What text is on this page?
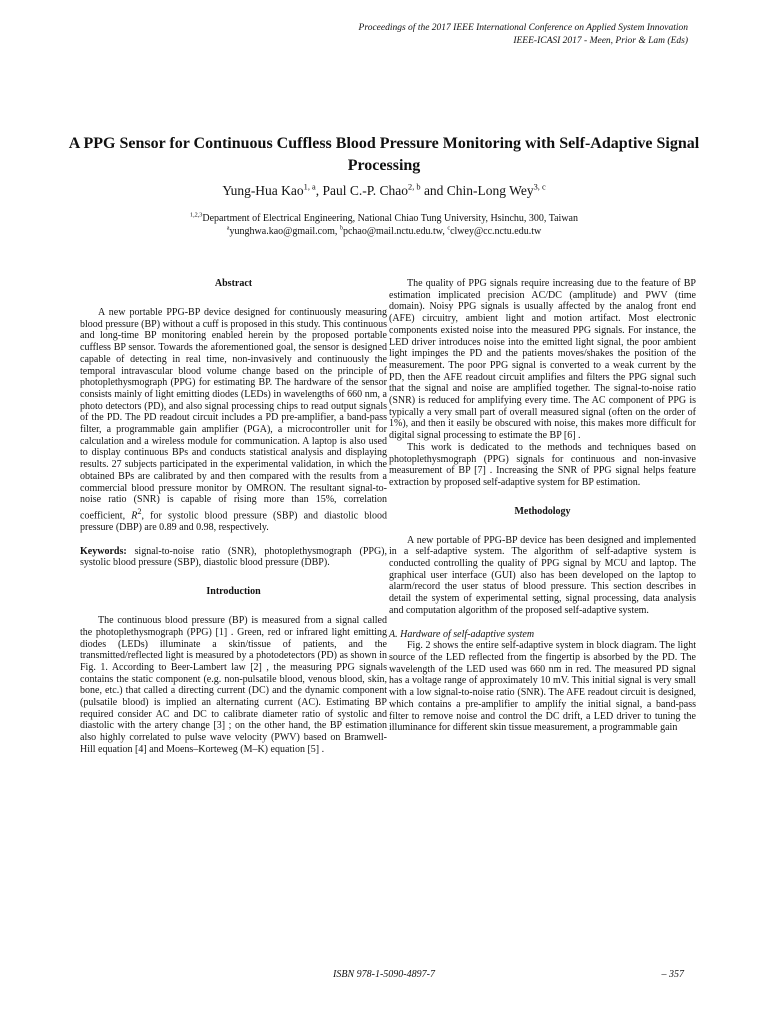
Proceedings of the 2017 IEEE International Conference on Applied System Innovation
IEEE-ICASI 2017 - Meen, Prior & Lam (Eds)
A PPG Sensor for Continuous Cuffless Blood Pressure Monitoring with Self-Adaptive Signal Processing
Yung-Hua Kao$^{1, a}$, Paul C.-P. Chao$^{2, b}$ and Chin-Long Wey$^{3, c}$
$^{1,2,3}$Department of Electrical Engineering, National Chiao Tung University, Hsinchu, 300, Taiwan
$^a$yunghwa.kao@gmail.com, $^b$pchao@mail.nctu.edu.tw, $^c$clwey@cc.nctu.edu.tw
Abstract

A new portable PPG-BP device designed for continuously measuring blood pressure (BP) without a cuff is proposed in this study. This continuous and long-time BP monitoring enabled herein by the proposed portable cuffless BP sensor. Towards the aforementioned goal, the sensor is designed capable of detecting in real time, non-invasively and continuously the temporal intravascular blood volume change based on the principle of photoplethysmograph (PPG) for estimating BP. The hardware of the sensor consists mainly of light emitting diodes (LEDs) in wavelengths of 660 nm, a photo detectors (PD), and also signal processing chips to read output signals of the PD. The PD readout circuit includes a PD pre-amplifier, a band-pass filter, a programmable gain amplifier (PGA), a microcontroller unit for calculation and a wireless module for communication. A laptop is also used to display continuous BPs and conducts statistical analysis and displaying results. 27 subjects participated in the experimental validation, in which the obtained BPs are calibrated by and then compared with the results from a commercial blood pressure monitor by OMRON. The resultant signal-to-noise ratio (SNR) is capable of rising more than 15%, correlation coefficient, $R^2$, for systolic blood pressure (SBP) and diastolic blood pressure (DBP) are 0.89 and 0.98, respectively.

Keywords: signal-to-noise ratio (SNR), photoplethysmograph (PPG), systolic blood pressure (SBP), diastolic blood pressure (DBP).

Introduction

The continuous blood pressure (BP) is measured from a signal called the photoplethysmograph (PPG) [1] . Green, red or infrared light emitting diodes (LEDs) illuminate a skin/tissue of patients, and the transmitted/reflected light is measured by a photodetectors (PD) as shown in Fig. 1. According to Beer-Lambert law [2] , the measuring PPG signals contains the static component (e.g. non-pulsatile blood, venous blood, skin, bone, etc.) that called a directing current (DC) and the dynamic component (pulsatile blood) is implied an alternating current (AC). Estimating BP required consider AC and DC to calibrate diameter ratio of systolic and diastolic with the artery change [3] ; on the other hand, the BP estimation also highly correlated to pulse wave velocity (PWV) based on Bramwell-Hill equation [4] and Moens–Korteweg (M–K) equation [5] .

The quality of PPG signals require increasing due to the feature of BP estimation implicated precision AC/DC (amplitude) and PWV (time domain). Noisy PPG signals is usually affected by the analog front end (AFE) circuitry, ambient light and motion artifact. Most electronic components existed noise into the measured PPG signals. For instance, the LED driver introduces noise into the emitted light signal, the poor ambient light impinges the PD and the patients moves/shakes the position of the measurement. The poor PPG signal is converted to a weak current by the PD, then the AFE readout circuit amplifies and filters the PPG signal such that the signal and noise are amplified together. The signal-to-noise ratio (SNR) is reduced for amplifying every time. The AC component of PPG is typically a very small part of overall measured signal (often on the order of 1%), and then it easily be obscured with noise, this makes more difficult for digital signal processing to estimate the BP [6] .

This work is dedicated to the methods and techniques based on photoplethysmograph (PPG) signals for continuous and non-invasive measurement of BP [7] . Increasing the SNR of PPG signal helps feature extraction by proposed self-adaptive system for BP estimation.

Methodology

A new portable of PPG-BP device has been designed and implemented in a self-adaptive system. The algorithm of self-adaptive system is conducted controlling the quality of PPG signal by MCU and laptop. The graphical user interface (GUI) also has been developed on the laptop to alarm/record the user status of blood pressure. This section describes in detail the system of experimental setting, signal processing, data analysis and computation algorithm of the proposed self-adaptive system.

A. Hardware of self-adaptive system

Fig. 2 shows the entire self-adaptive system in block diagram. The light source of the LED reflected from the fingertip is absorbed by the PD. The wavelength of the LED used was 660 nm in red. The measured PD signal has a voltage range of approximately 10 mV. This initial signal is very small with a low signal-to-noise ratio (SNR). The AFE readout circuit is designed, which contains a pre-amplifier to amplify the initial signal, a band-pass filter to remove noise and control the DC drift, a LED driver to tuning the illuminance for different skin tissue measurement, a programmable gain

ISBN 978-1-5090-4897-7	– 357
